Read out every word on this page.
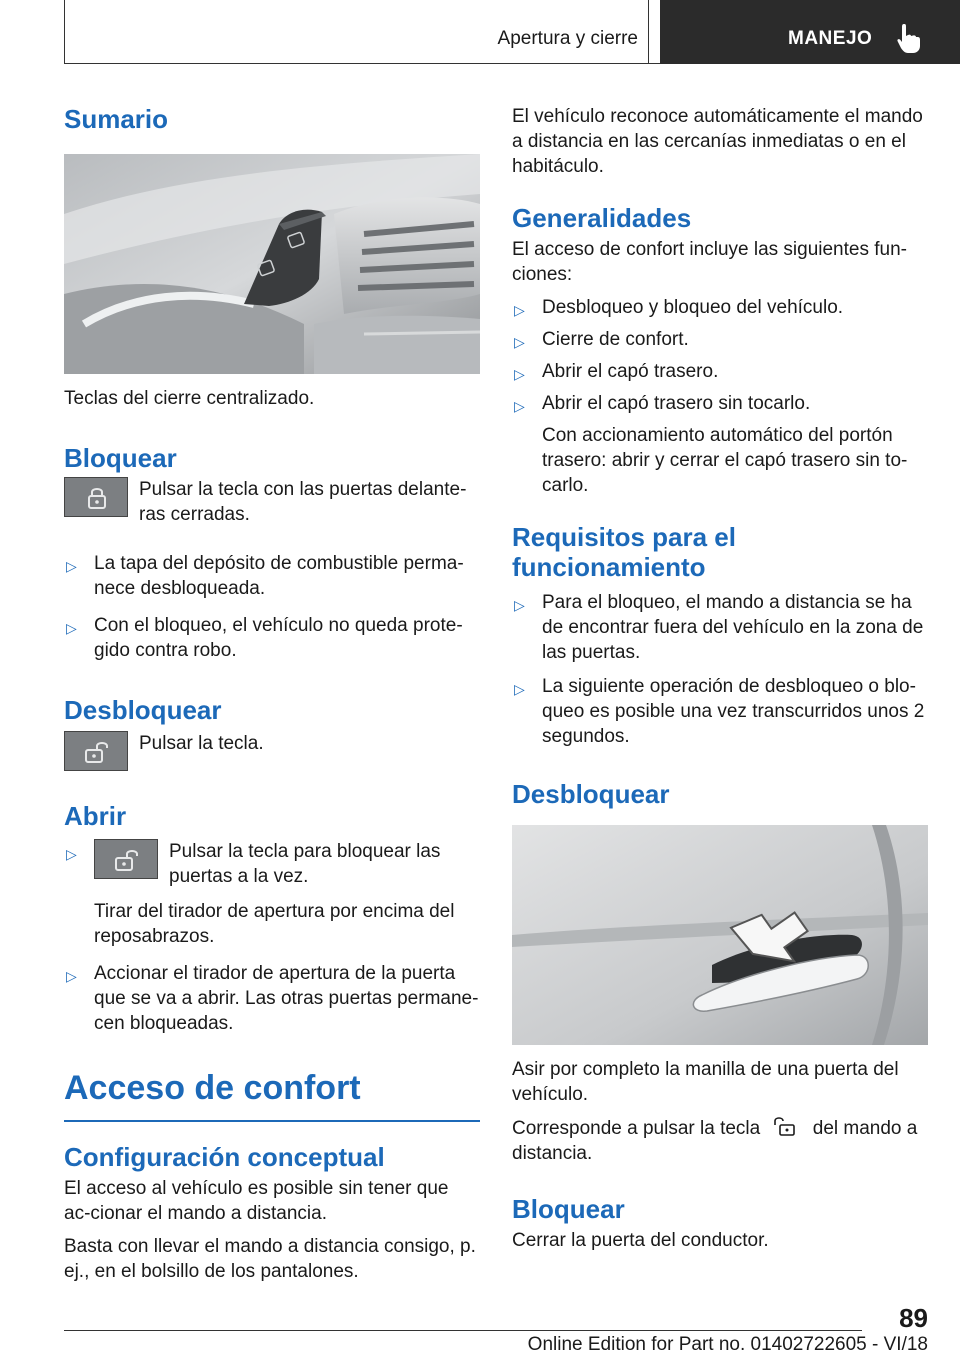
Apertura y cierre	MANEJO
Sumario

Teclas del cierre centralizado.

Bloquear

Pulsar la tecla con las puertas delante-ras cerradas.

▷ La tapa del depósito de combustible perma-nece desbloqueada.
▷ Con el bloqueo, el vehículo no queda prote-gido contra robo.
Desbloquear

Pulsar la tecla.

Abrir
▷	Pulsar la tecla para bloquear las puertas a la vez.

Tirar del tirador de apertura por encima del reposabrazos.

▷ Accionar el tirador de apertura de la puerta que se va a abrir. Las otras puertas permane-cen bloqueadas.
Acceso de confort
Configuración conceptual

El acceso al vehículo es posible sin tener que ac-cionar el mando a distancia.

Basta con llevar el mando a distancia consigo, p. ej., en el bolsillo de los pantalones.

El vehículo reconoce automáticamente el mando a distancia en las cercanías inmediatas o en el habitáculo.

Generalidades

El acceso de confort incluye las siguientes fun-ciones:

▷ Desbloqueo y bloqueo del vehículo.
▷ Cierre de confort.
▷ Abrir el capó trasero.
▷ Abrir el capó trasero sin tocarlo.

Con accionamiento automático del portón trasero: abrir y cerrar el capó trasero sin to-carlo.

Requisitos para el funcionamiento
▷ Para el bloqueo, el mando a distancia se ha de encontrar fuera del vehículo en la zona de las puertas.
▷ La siguiente operación de desbloqueo o blo-queo es posible una vez transcurridos unos 2 segundos.
Desbloquear

Asir por completo la manilla de una puerta del vehículo.

Corresponde a pulsar la tecla	del mando a distancia.

Bloquear

Cerrar la puerta del conductor.

89
Online Edition for Part no. 01402722605 - VI/18
